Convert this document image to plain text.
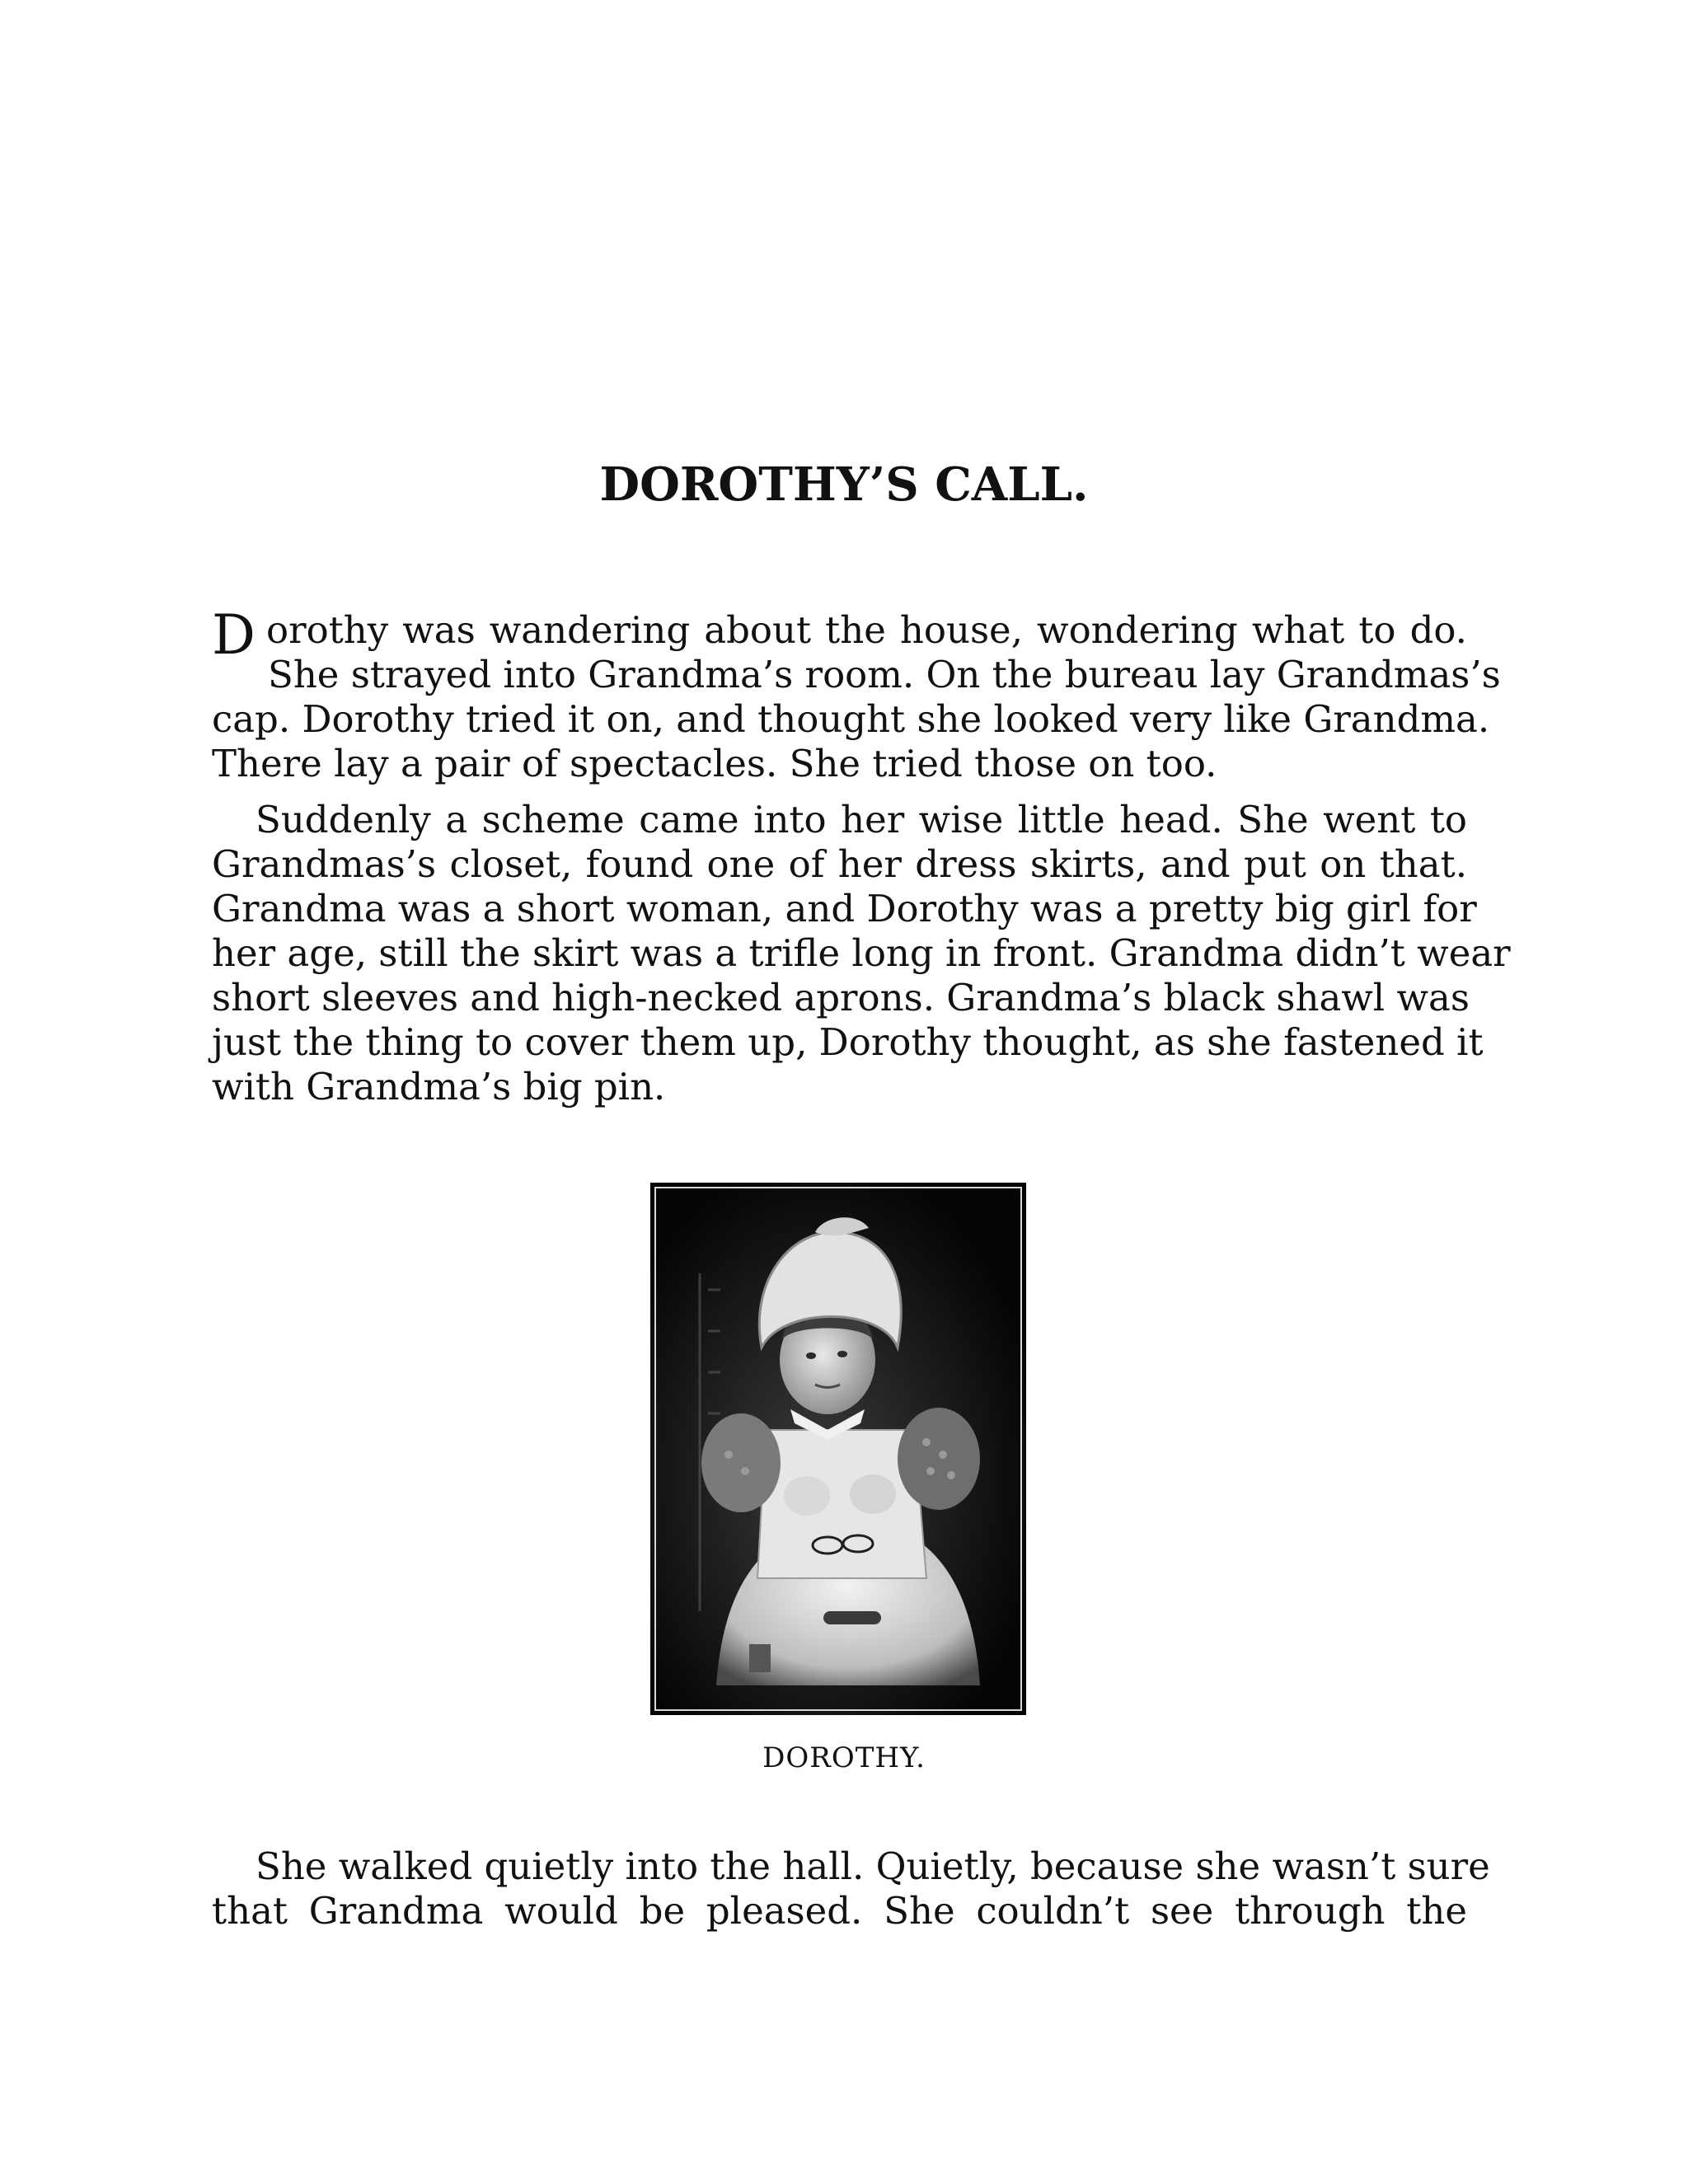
DOROTHY’S CALL.
D orothy was wandering about the house, wondering what to do.
She strayed into Grandma’s room. On the bureau lay Grandmas’s
cap. Dorothy tried it on, and thought she looked very like Grandma.
There lay a pair of spectacles. She tried those on too.
Suddenly a scheme came into her wise little head. She went to
Grandmas’s closet, found one of her dress skirts, and put on that.
Grandma was a short woman, and Dorothy was a pretty big girl for
her age, still the skirt was a trifle long in front. Grandma didn’t wear
short sleeves and high-necked aprons. Grandma’s black shawl was
just the thing to cover them up, Dorothy thought, as she fastened it
with Grandma’s big pin.
DOROTHY.
She walked quietly into the hall. Quietly, because she wasn’t sure
that Grandma would be pleased. She couldn’t see through the
